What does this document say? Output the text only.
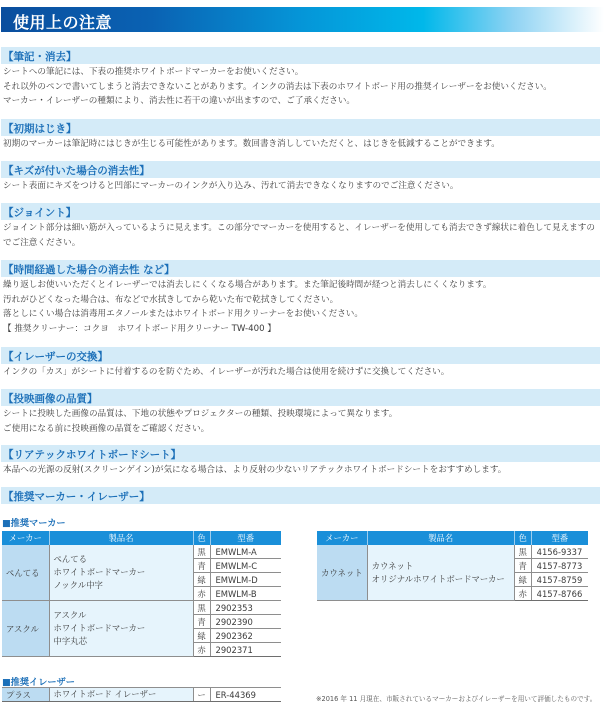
使用上の注意
【筆記・消去】
シートへの筆記には、下表の推奨ホワイトボードマーカーをお使いください。
それ以外のペンで書いてしまうと消去できないことがあります。インクの消去は下表のホワイトボード用の推奨イレーザーをお使いください。
マーカー・イレーザーの種類により、消去性に若干の違いが出ますので、ご了承ください。
【初期はじき】
初期のマーカーは筆記時にはじきが生じる可能性があります。数回書き消ししていただくと、はじきを低減することができます。
【キズが付いた場合の消去性】
シート表面にキズをつけると凹部にマーカーのインクが入り込み、汚れて消去できなくなりますのでご注意ください。
【ジョイント】
ジョイント部分は細い筋が入っているように見えます。この部分でマーカーを使用すると、イレーザーを使用しても消去できず線状に着色して見えますのでご注意ください。
【時間経過した場合の消去性 など】
繰り返しお使いいただくとイレーザーでは消去しにくくなる場合があります。また筆記後時間が経つと消去しにくくなります。
汚れがひどくなった場合は、布などで水拭きしてから乾いた布で乾拭きしてください。
落としにくい場合は消毒用エタノールまたはホワイトボード用クリーナーをお使いください。
【 推奨クリーナー：コクヨ　ホワイトボード用クリーナー TW-400 】
【イレーザーの交換】
インクの「カス」がシートに付着するのを防ぐため、イレーザーが汚れた場合は使用を続けずに交換してください。
【投映画像の品質】
シートに投映した画像の品質は、下地の状態やプロジェクターの種類、投映環境によって異なります。
ご使用になる前に投映画像の品質をご確認ください。
【リアテックホワイトボードシート】
本品への光源の反射(スクリーンゲイン)が気になる場合は、より反射の少ないリアテックホワイトボードシートをおすすめします。
【推奨マーカー・イレーザー】
■推奨マーカー
メーカー	製品名	色	型番
ぺんてる	ぺんてる
ホワイトボードマーカー
ノックル中字	黒	EMWLM-A
		青	EMWLM-C
		緑	EMWLM-D
		赤	EMWLM-B
アスクル	アスクル
ホワイトボードマーカー
中字丸芯	黒	2902353
		青	2902390
		緑	2902362
		赤	2902371
メーカー	製品名	色	型番
カウネット	カウネット
オリジナルホワイトボードマーカー	黒	4156-9337
		青	4157-8773
		緑	4157-8759
		赤	4157-8766
■推奨イレーザー
プラス	ホワイトボード イレーザー	ー	ER-44369	※2016 年 11 月現在、市販されているマーカーおよびイレーザーを用いて評価したものです。
